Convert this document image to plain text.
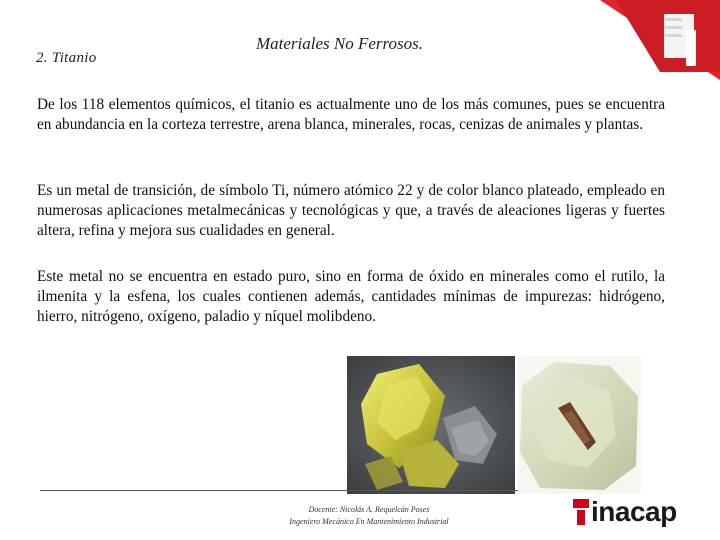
2. Titanio
Materiales No Ferrosos.

De los 118 elementos químicos, el titanio es actualmente uno de los más comunes, pues se encuentra en abundancia en la corteza terrestre, arena blanca, minerales, rocas, cenizas de animales y plantas.

Es un metal de transición, de símbolo Ti, número atómico 22 y de color blanco plateado, empleado en numerosas aplicaciones metalmecánicas y tecnológicas y que, a través de aleaciones ligeras y fuertes altera, refina y mejora sus cualidades en general.

Este metal no se encuentra en estado puro, sino en forma de óxido en minerales como el rutilo, la ilmenita y la esfena, los cuales contienen además, cantidades mínimas de impurezas: hidrógeno, hierro, nitrógeno, oxígeno, paladio y níquel molibdeno.

Docente: Nicolás A. Requelcán Poses
Ingeniero Mecánico En Mantenimiento Industrial	inacap
